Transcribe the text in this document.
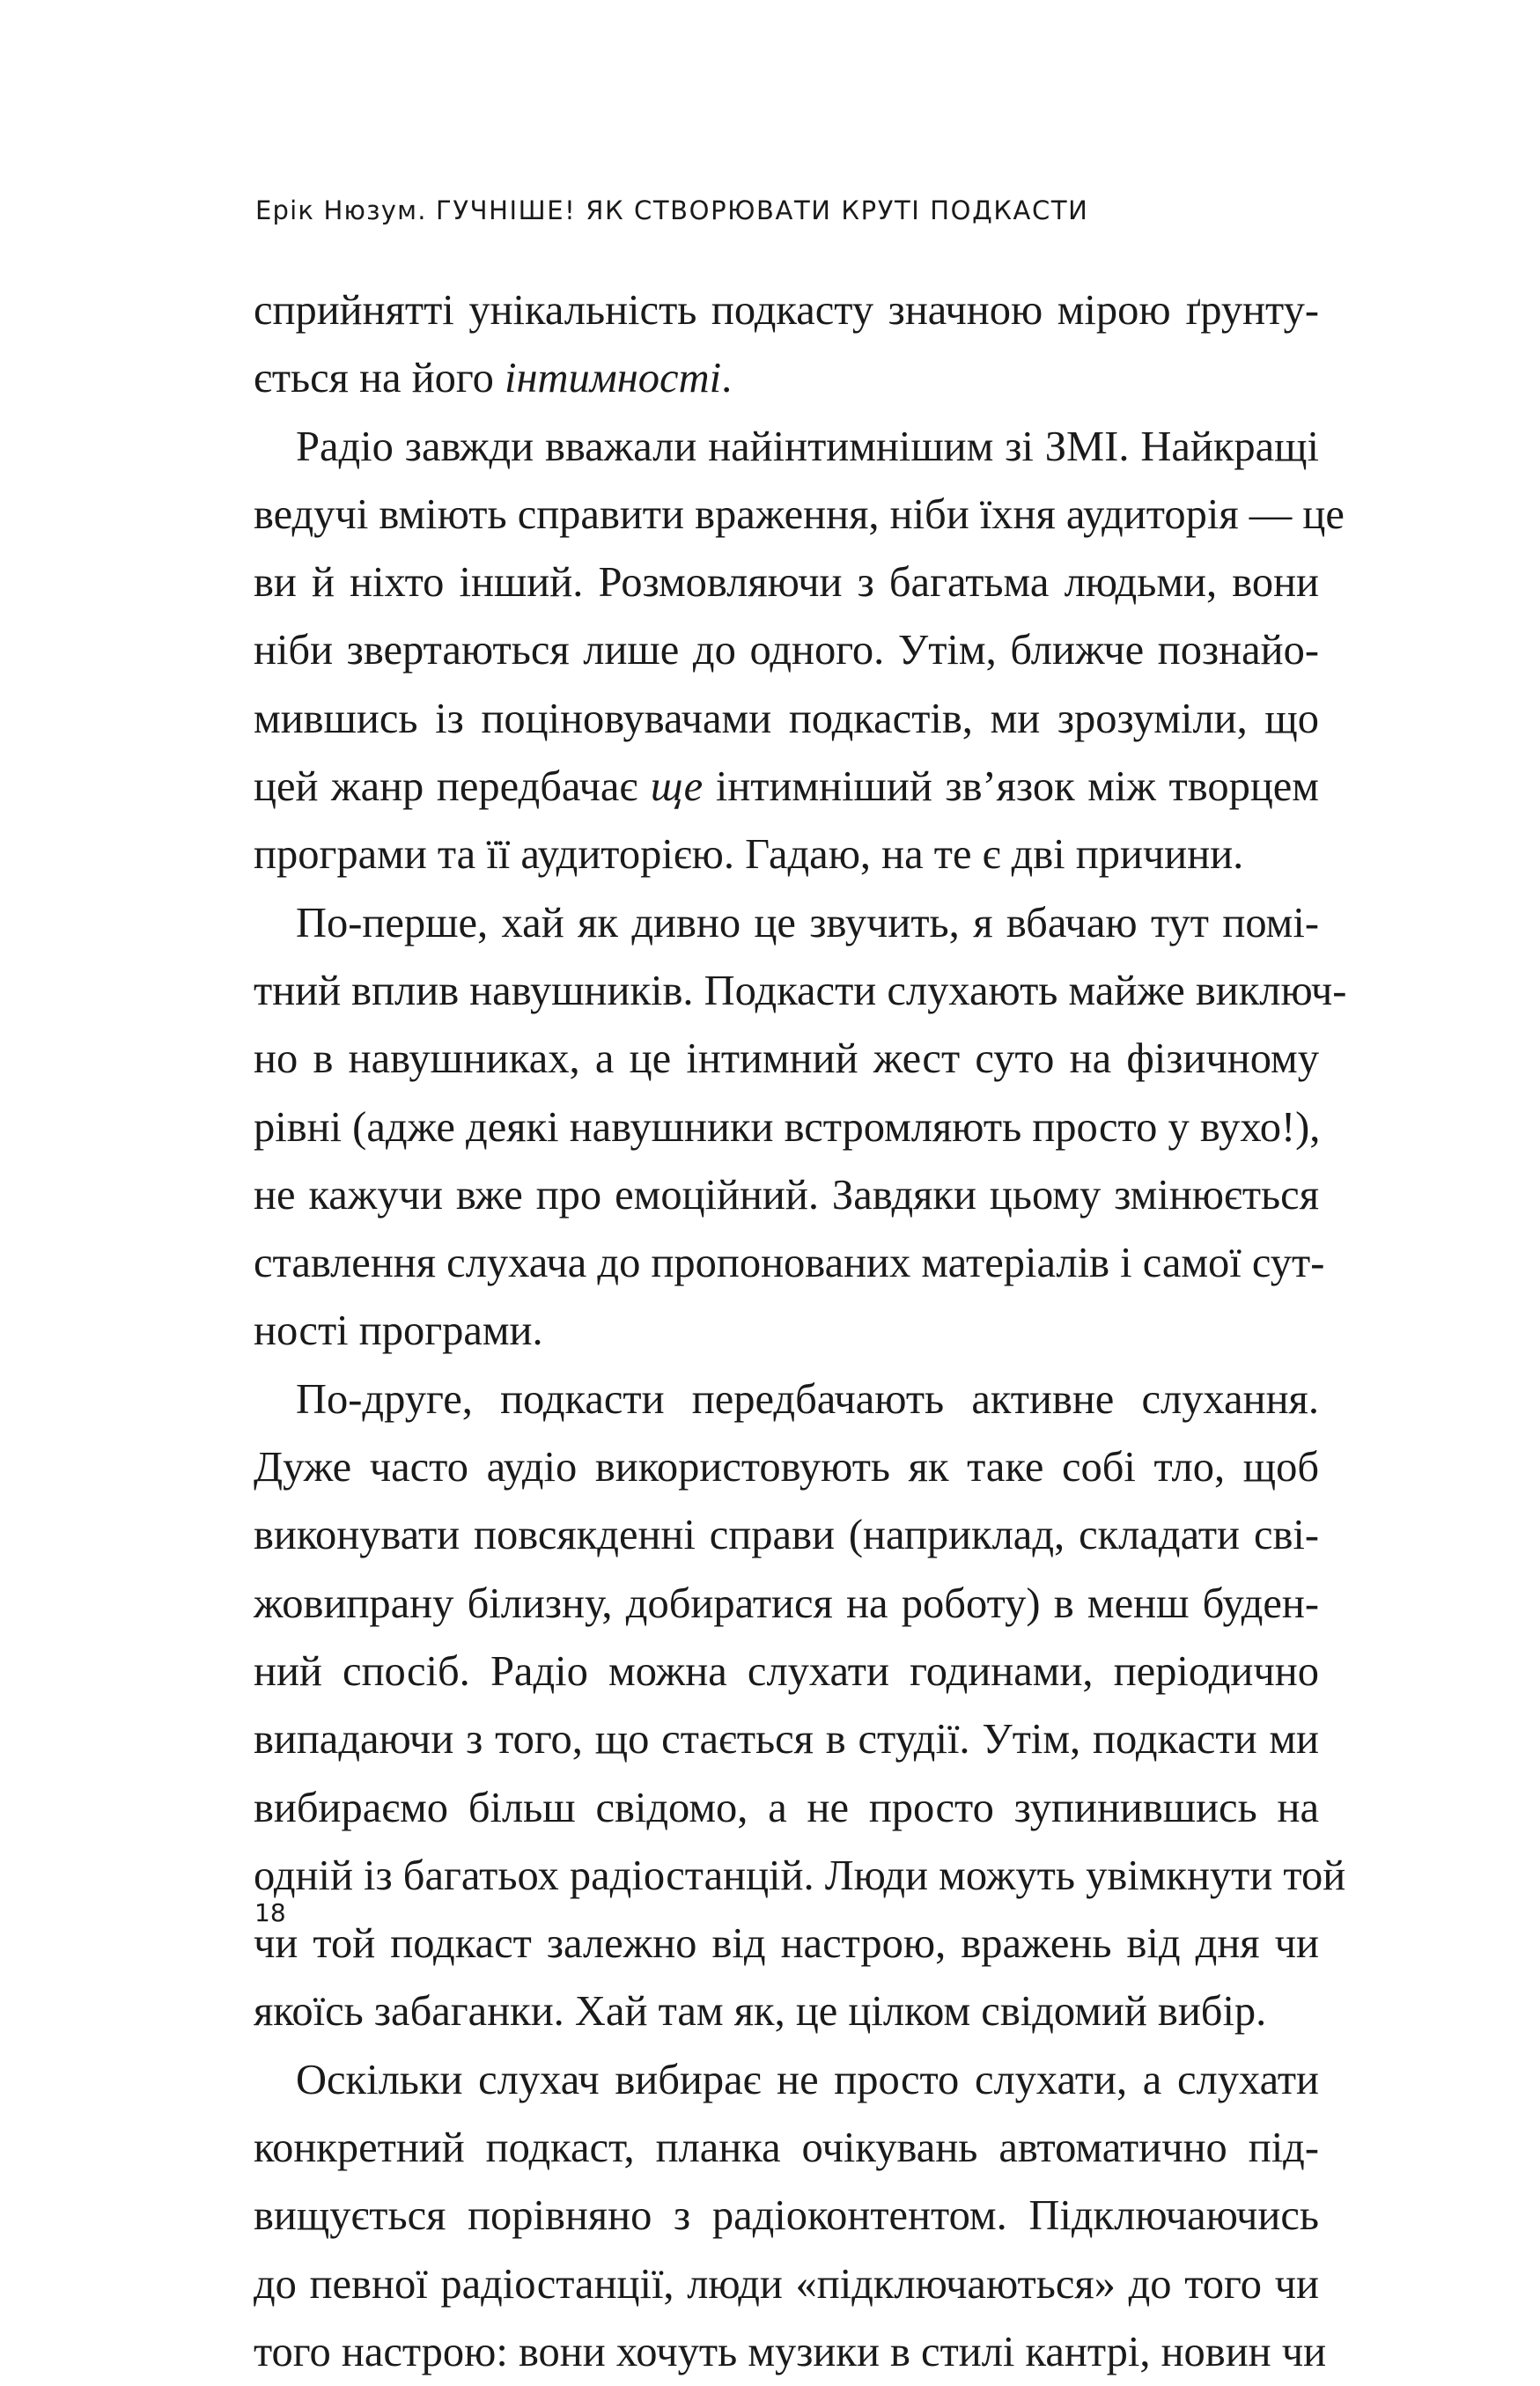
Ерік Нюзум. ГУЧНІШЕ! ЯК СТВОРЮВАТИ КРУТІ ПОДКАСТИ
сприйнятті унікальність подкасту значною мірою ґрунту-
ється на його інтимності.
Радіо завжди вважали найінтимнішим зі ЗМІ. Найкращі
ведучі вміють справити враження, ніби їхня аудиторія — це
ви й ніхто інший. Розмовляючи з багатьма людьми, вони
ніби звертаються лише до одного. Утім, ближче познайо-
мившись із поціновувачами подкастів, ми зрозуміли, що
цей жанр передбачає ще інтимніший зв’язок між творцем
програми та її аудиторією. Гадаю, на те є дві причини.
По-перше, хай як дивно це звучить, я вбачаю тут помі-
тний вплив навушників. Подкасти слухають майже виключ-
но в навушниках, а це інтимний жест суто на фізичному
рівні (адже деякі навушники встромляють просто у вухо!),
не кажучи вже про емоційний. Завдяки цьому змінюється
ставлення слухача до пропонованих матеріалів і самої сут-
ності програми.
По-друге, подкасти передбачають активне слухання.
Дуже часто аудіо використовують як таке собі тло, щоб
виконувати повсякденні справи (наприклад, складати сві-
жовипрану білизну, добиратися на роботу) в менш буден-
ний спосіб. Радіо можна слухати годинами, періодично
випадаючи з того, що стається в студії. Утім, подкасти ми
вибираємо більш свідомо, а не просто зупинившись на
одній із багатьох радіостанцій. Люди можуть увімкнути той
чи той подкаст залежно від настрою, вражень від дня чи
якоїсь забаганки. Хай там як, це цілком свідомий вибір.
Оскільки слухач вибирає не просто слухати, а слухати
конкретний подкаст, планка очікувань автоматично під-
вищується порівняно з радіоконтентом. Підключаючись
до певної радіостанції, люди «підключаються» до того чи
того настрою: вони хочуть музики в стилі кантрі, новин чи
18
